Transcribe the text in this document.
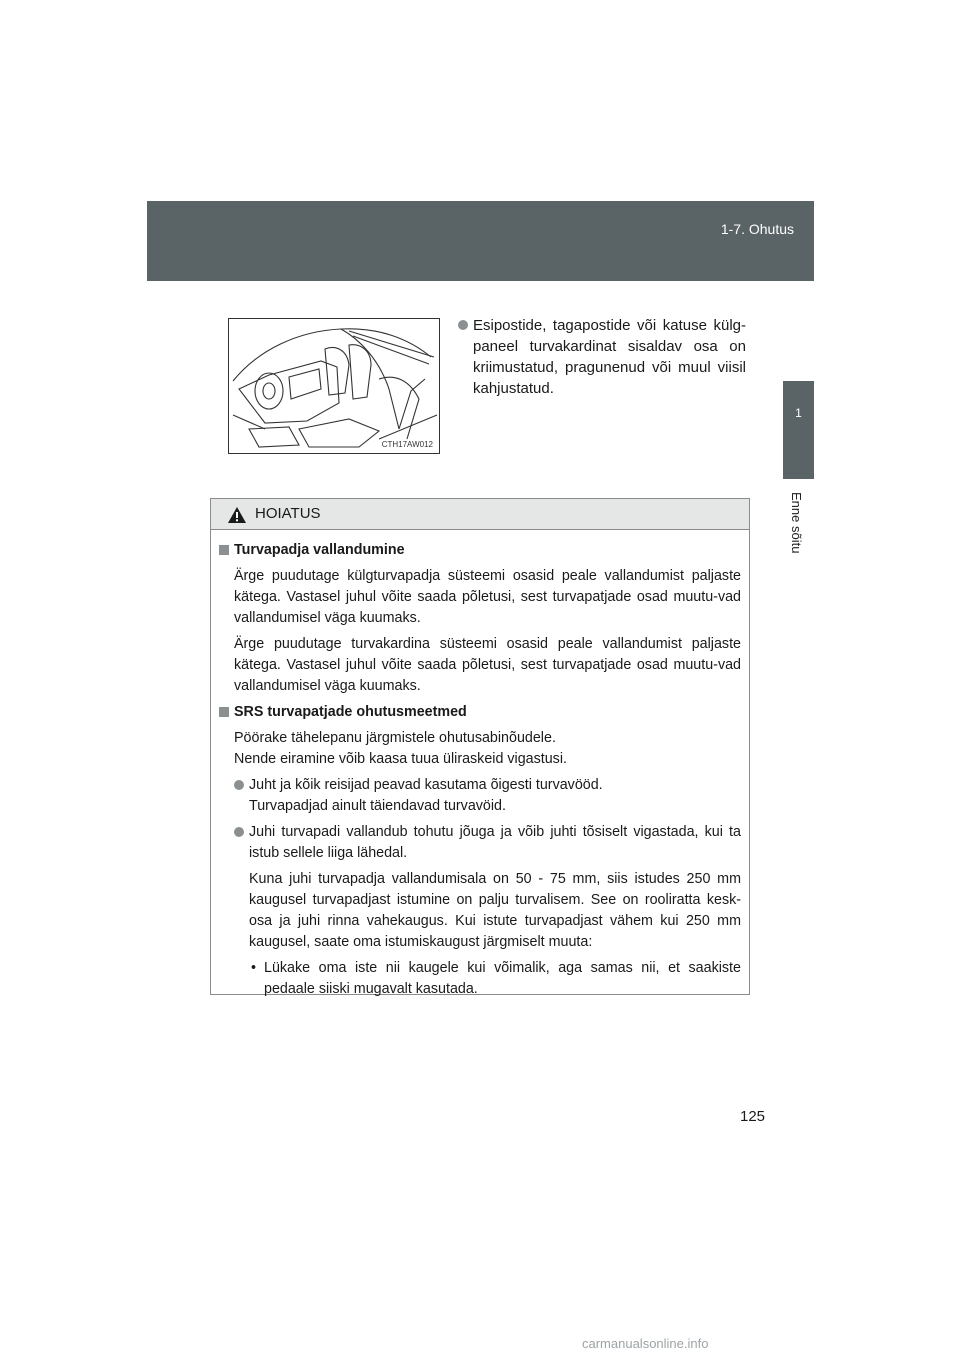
1-7. Ohutus
1
Enne sõitu
CTH17AW012
Esipostide, tagapostide või katuse külg-paneel turvakardinat sisaldav osa on kriimustatud, pragunenud või muul viisil kahjustatud.
HOIATUS
Turvapadja vallandumine
Ärge puudutage külgturvapadja süsteemi osasid peale vallandumist paljaste kätega. Vastasel juhul võite saada põletusi, sest turvapatjade osad muutu-vad vallandumisel väga kuumaks.
Ärge puudutage turvakardina süsteemi osasid peale vallandumist paljaste kätega. Vastasel juhul võite saada põletusi, sest turvapatjade osad muutu-vad vallandumisel väga kuumaks.
SRS turvapatjade ohutusmeetmed
Pöörake tähelepanu järgmistele ohutusabinõudele.
Nende eiramine võib kaasa tuua üliraskeid vigastusi.
Juht ja kõik reisijad peavad kasutama õigesti turvavööd.
Turvapadjad ainult täiendavad turvavöid.
Juhi turvapadi vallandub tohutu jõuga ja võib juhti tõsiselt vigastada, kui ta istub sellele liiga lähedal.
Kuna juhi turvapadja vallandumisala on 50 - 75 mm, siis istudes 250 mm kaugusel turvapadjast istumine on palju turvalisem. See on rooliratta kesk-osa ja juhi rinna vahekaugus. Kui istute turvapadjast vähem kui 250 mm kaugusel, saate oma istumiskaugust järgmiselt muuta:
• Lükake oma iste nii kaugele kui võimalik, aga samas nii, et saakiste pedaale siiski mugavalt kasutada.
125
carmanualsonline.info
